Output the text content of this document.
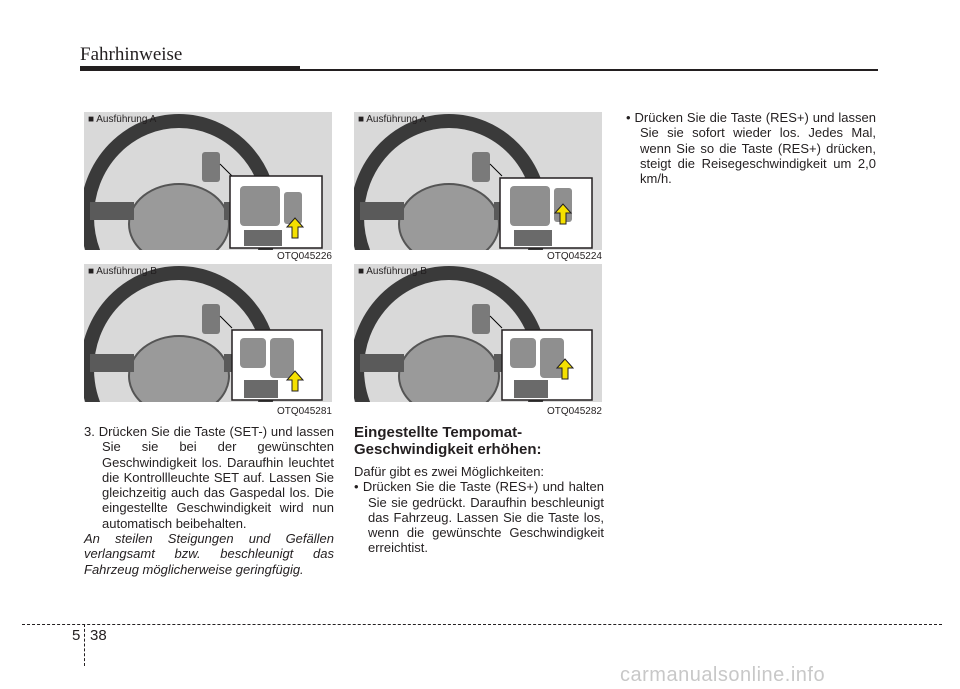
Fahrhinweise
■ Ausführung A
OTQ045226
■ Ausführung B
OTQ045281
■ Ausführung A
OTQ045224
■ Ausführung B
OTQ045282
3. Drücken Sie die Taste (SET-) und lassen Sie sie bei der gewünschten Geschwindigkeit los. Daraufhin leuchtet die Kontrollleuchte SET auf. Lassen Sie gleichzeitig auch das Gaspedal los. Die eingestellte Geschwindigkeit wird nun automatisch beibehalten.
An steilen Steigungen und Gefällen verlangsamt bzw. beschleunigt das Fahrzeug möglicherweise geringfügig.
Eingestellte Tempomat-
Geschwindigkeit erhöhen:
Dafür gibt es zwei Möglichkeiten:
• Drücken Sie die Taste (RES+) und halten Sie sie gedrückt. Daraufhin beschleunigt das Fahrzeug. Lassen Sie die Taste los, wenn die gewünschte Geschwindigkeit erreichtist.
• Drücken Sie die Taste (RES+) und lassen Sie sie sofort wieder los. Jedes Mal, wenn Sie so die Taste (RES+) drücken, steigt die Reisegeschwindigkeit um 2,0 km/h.
5 38
carmanualsonline.info
